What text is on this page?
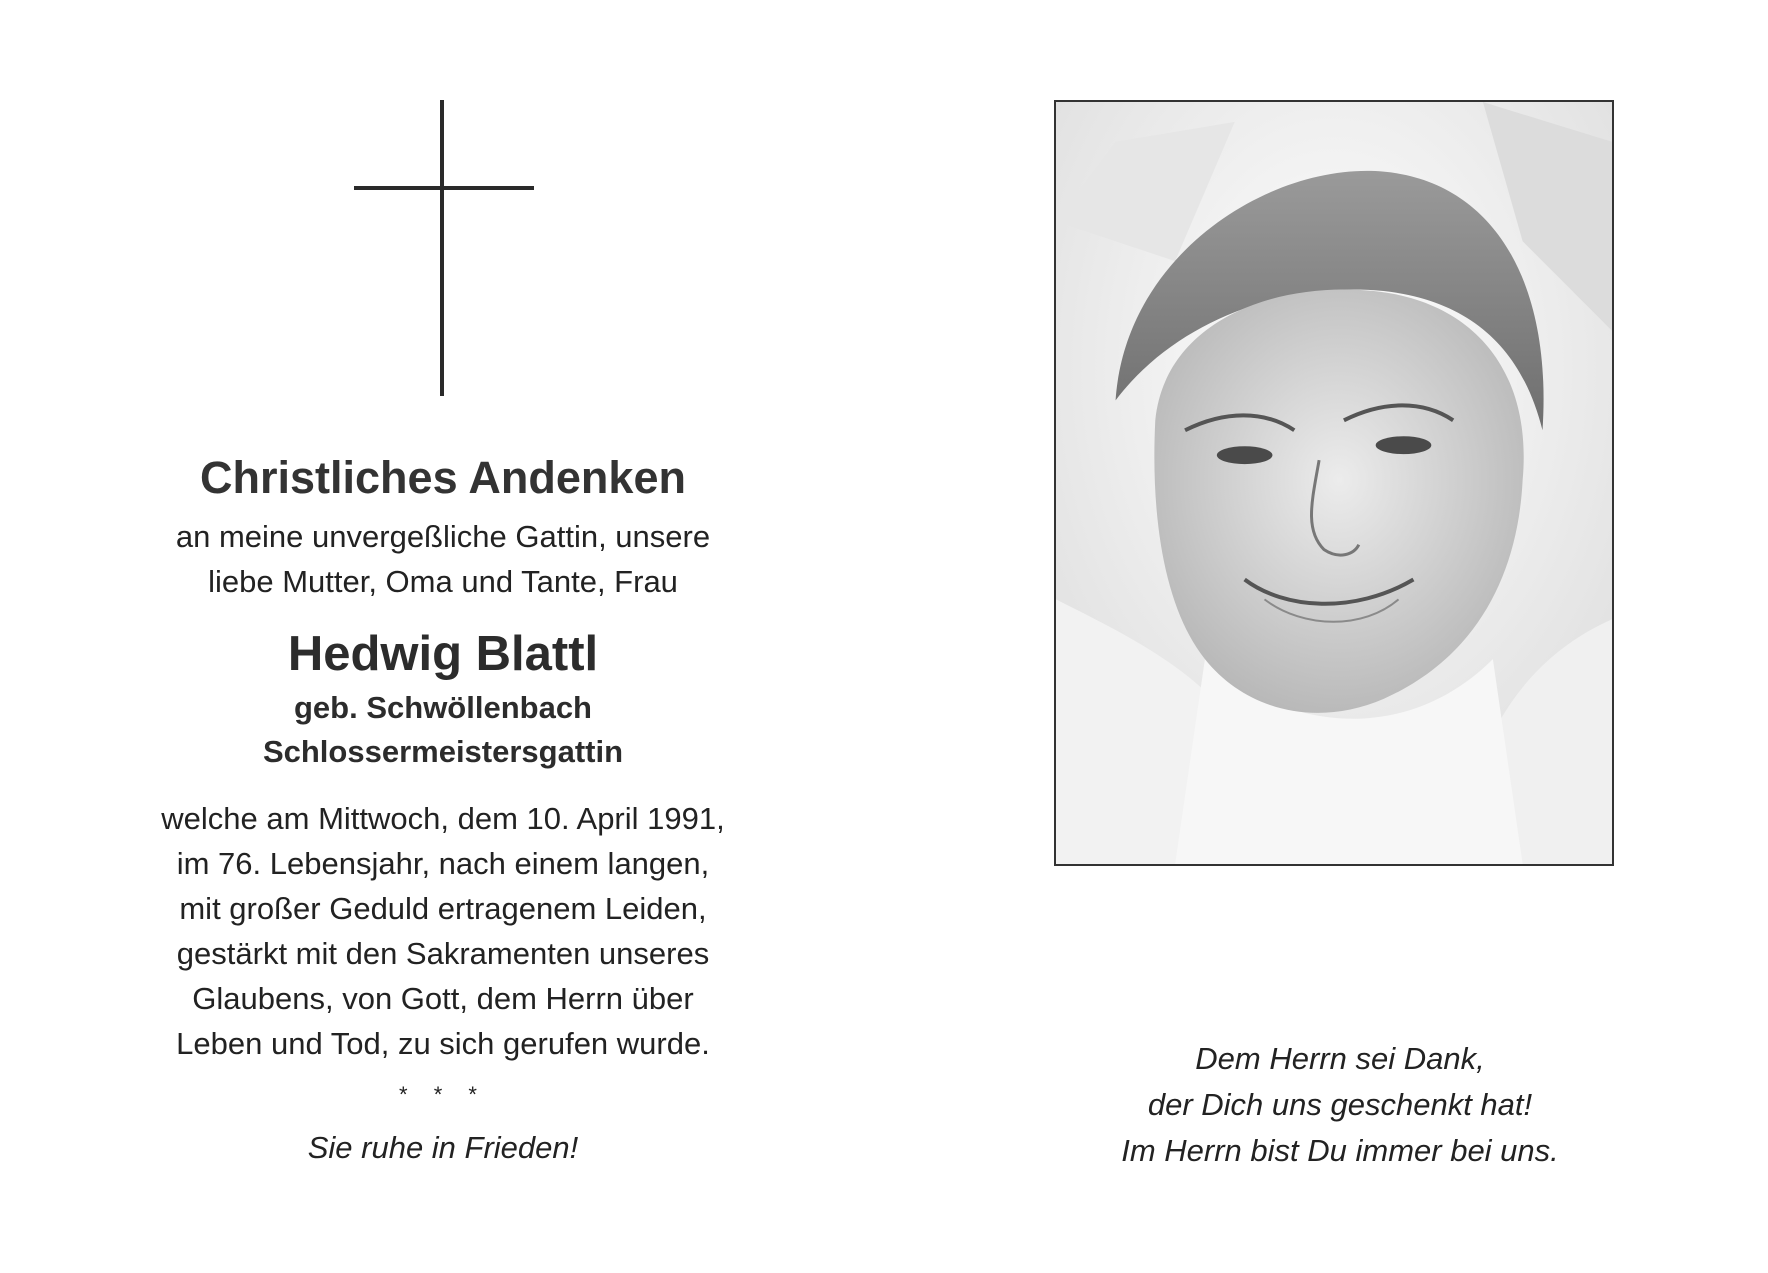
Christliches Andenken
an meine unvergeßliche Gattin, unsere
liebe Mutter, Oma und Tante, Frau
Hedwig Blattl
geb. Schwöllenbach
Schlossermeistersgattin
welche am Mittwoch, dem 10. April 1991,
im 76. Lebensjahr, nach einem langen,
mit großer Geduld ertragenem Leiden,
gestärkt mit den Sakramenten unseres
Glaubens, von Gott, dem Herrn über
Leben und Tod, zu sich gerufen wurde.
* * *
Sie ruhe in Frieden!
Dem Herrn sei Dank,
der Dich uns geschenkt hat!
Im Herrn bist Du immer bei uns.
